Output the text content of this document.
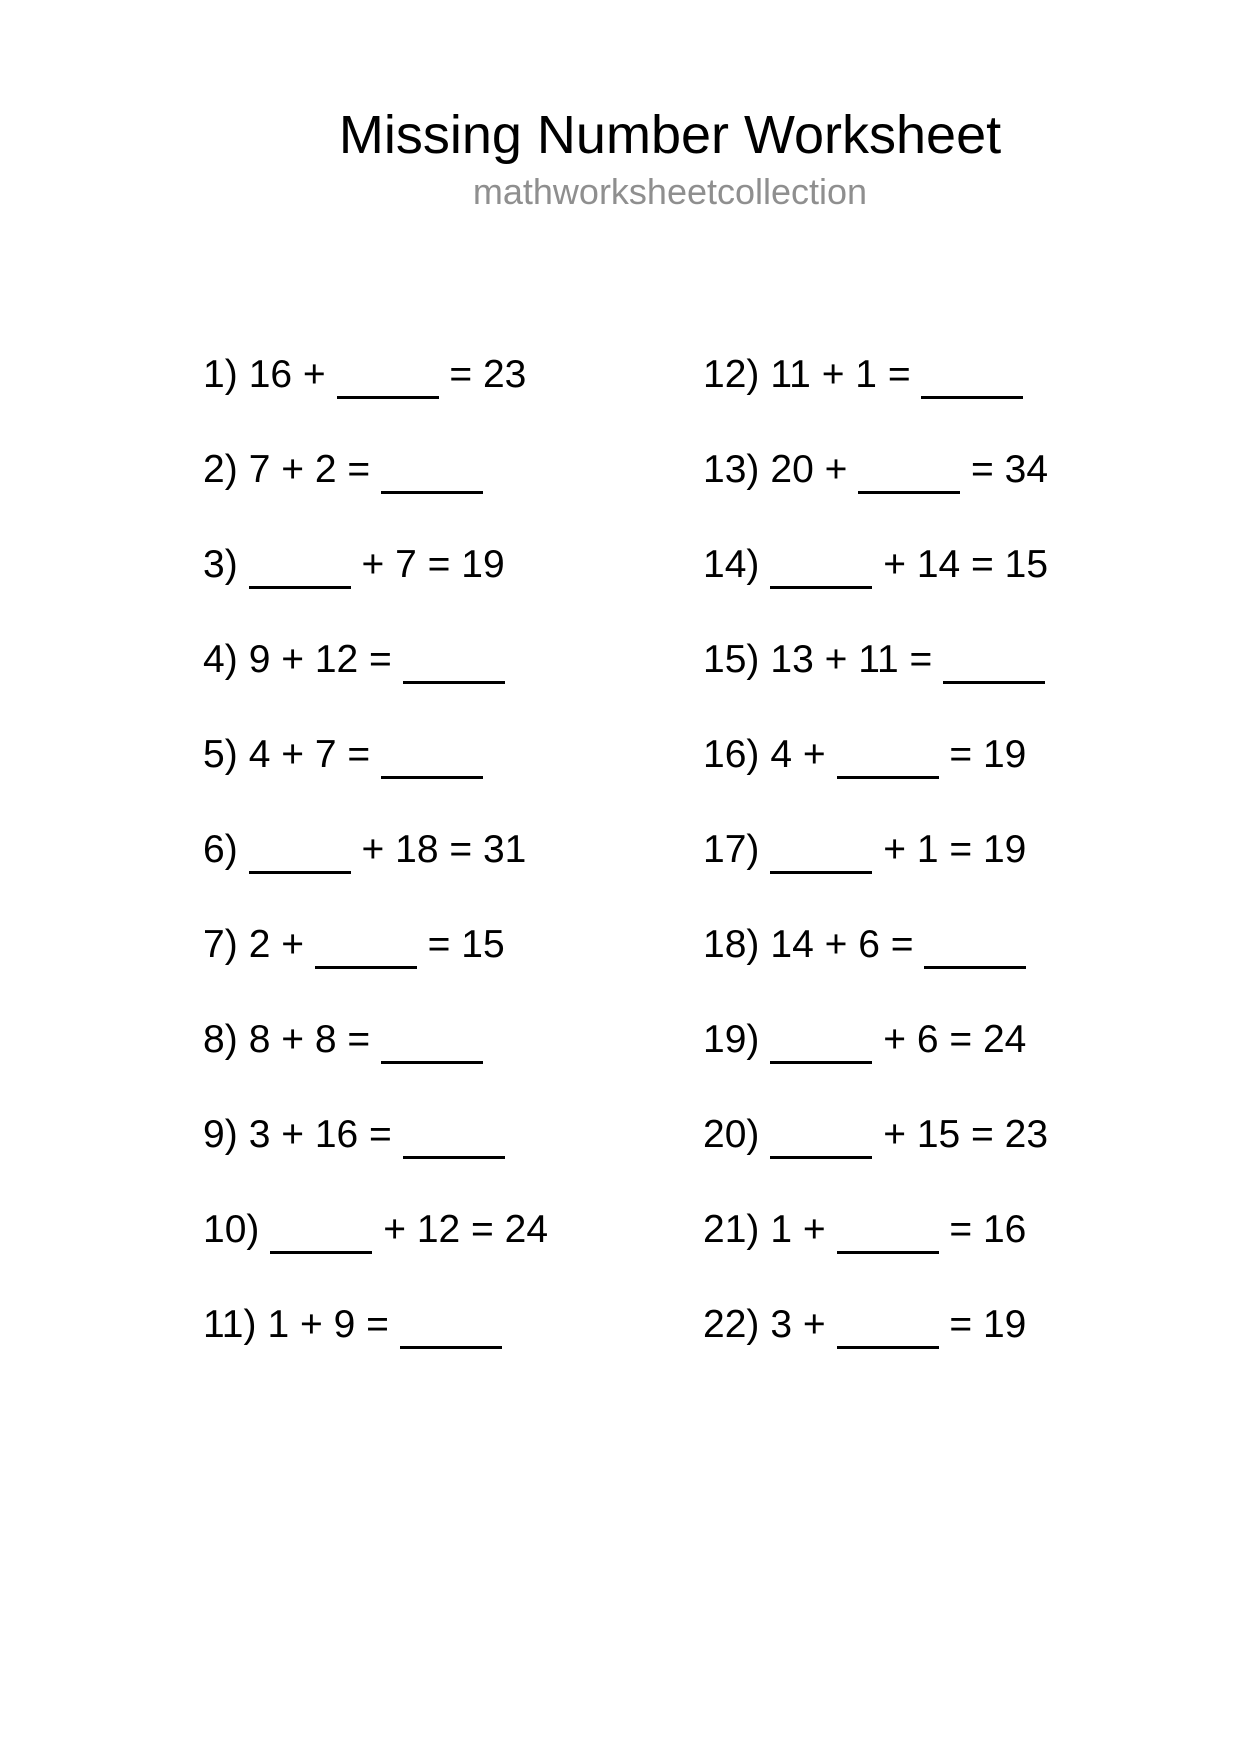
Missing Number Worksheet
mathworksheetcollection
1) 16 +	= 23
2) 7 + 2 =
3)	+ 7 = 19
4) 9 + 12 =
5) 4 + 7 =
6)	+ 18 = 31
7) 2 +	= 15
8) 8 + 8 =
9) 3 + 16 =
10)	+ 12 = 24
11) 1 + 9 =
12) 11 + 1 =
13) 20 +	= 34
14)	+ 14 = 15
15) 13 + 11 =
16) 4 +	= 19
17)	+ 1 = 19
18) 14 + 6 =
19)	+ 6 = 24
20)	+ 15 = 23
21) 1 +	= 16
22) 3 +	= 19
